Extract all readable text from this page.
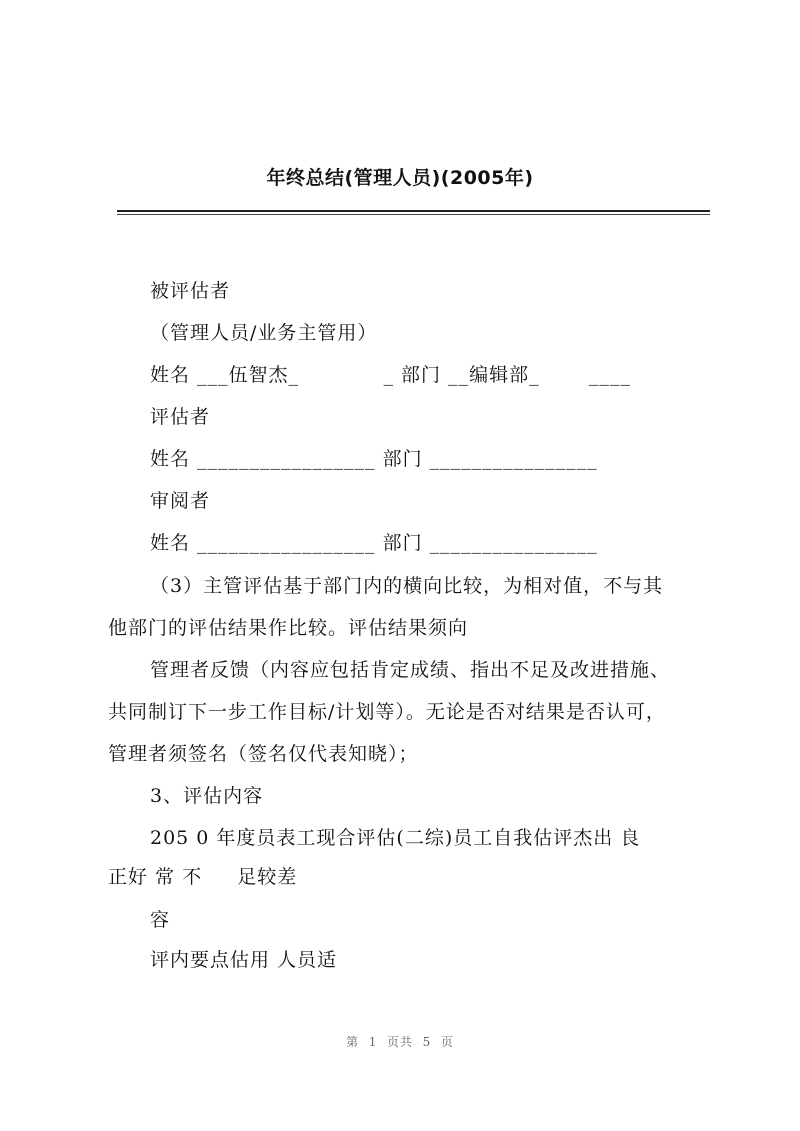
年终总结(管理人员)(2005年)
被评估者
（管理人员/业务主管用）
姓名 ___伍智杰_            _ 部门 __编辑部_       ____
评估者
姓名 _________________ 部门 ________________
审阅者
姓名 _________________ 部门 ________________
（3）主管评估基于部门内的横向比较，为相对值，不与其
他部门的评估结果作比较。评估结果须向
管理者反馈（内容应包括肯定成绩、指出不足及改进措施、
共同制订下一步工作目标/计划等）。无论是否对结果是否认可，
管理者须签名（签名仅代表知晓）；
3、评估内容
205 0 年度员表工现合评估(二综)员工自我估评杰出 良
正好 常 不     足较差
容
评内要点估用 人员适
第  1  页共  5  页
